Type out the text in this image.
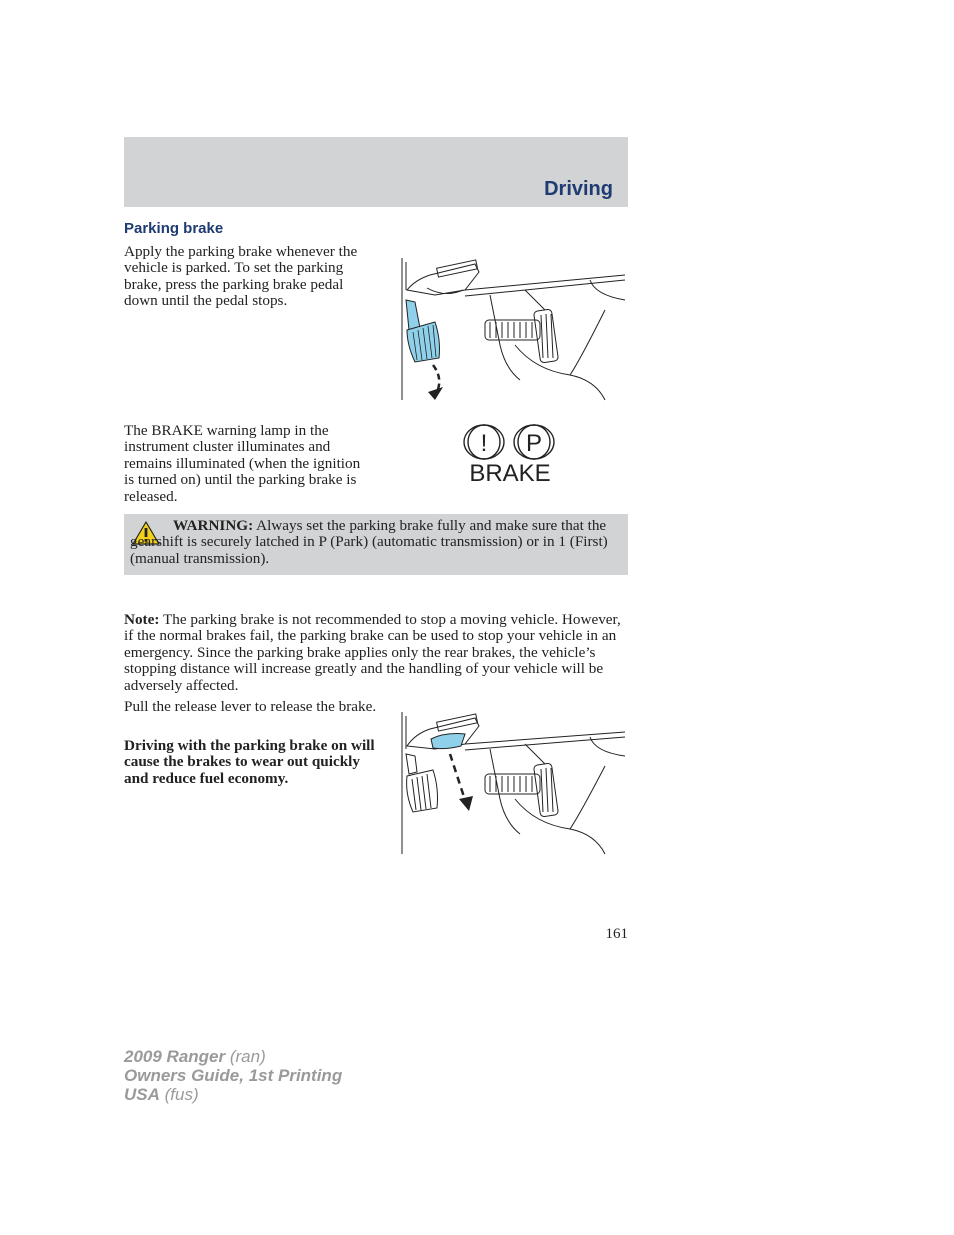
Driving
Parking brake

Apply the parking brake whenever the vehicle is parked. To set the parking brake, press the parking brake pedal down until the pedal stops.

The BRAKE warning lamp in the instrument cluster illuminates and remains illuminated (when the ignition is turned on) until the parking brake is released.

! P
BRAKE

WARNING: Always set the parking brake fully and make sure that the gearshift is securely latched in P (Park) (automatic transmission) or in 1 (First) (manual transmission).

Note: The parking brake is not recommended to stop a moving vehicle. However, if the normal brakes fail, the parking brake can be used to stop your vehicle in an emergency. Since the parking brake applies only the rear brakes, the vehicle’s stopping distance will increase greatly and the handling of your vehicle will be adversely affected.

Pull the release lever to release the brake.

Driving with the parking brake on will cause the brakes to wear out quickly and reduce fuel economy.

161
2009 Ranger (ran)
Owners Guide, 1st Printing
USA (fus)
